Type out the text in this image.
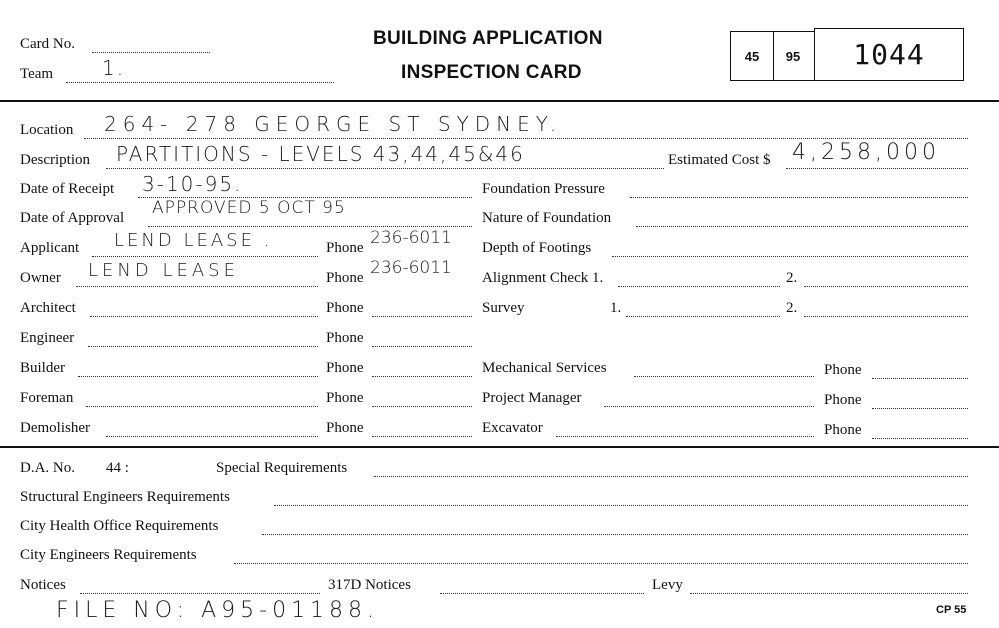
Card No.
Team 1.
BUILDING APPLICATION
INSPECTION CARD
45 95 1044
Location 264- 278 GEORGE ST SYDNEY.
Description PARTITIONS - LEVELS 43,44,45&46	Estimated Cost $ 4,258,000
Date of Receipt 3-10-95.	Foundation Pressure
Date of Approval APPROVED 5 OCT 95	Nature of Foundation
Applicant LEND LEASE .	Phone 236-6011 Depth of Footings
Owner LEND LEASE	Phone 236-6011 Alignment Check 1.	2.
Architect	Phone	Survey	1.	2.
Engineer	Phone
Builder	Phone	Mechanical Services	Phone
Foreman	Phone	Project Manager	Phone
Demolisher	Phone	Excavator	Phone
D.A. No. 44 :	Special Requirements
Structural Engineers Requirements
City Health Office Requirements
City Engineers Requirements
Notices	317D Notices	Levy
FILE NO: A95-01188.	CP 55
